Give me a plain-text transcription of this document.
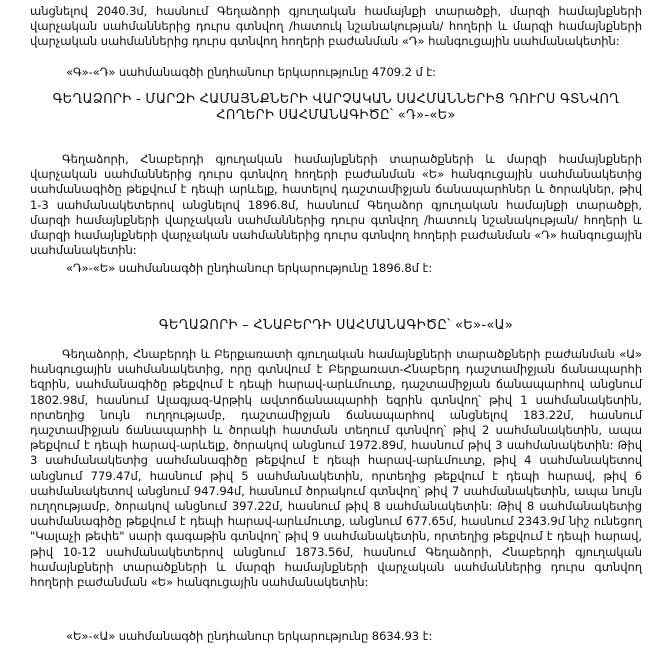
անցնելով 2040.3մ, հասնում Գեղաձորի գյուղական համայնքի տարածքի, մարզի համայնքների վարչական սահմաններից դուրս գտնվող /հատուկ նշանակության/ հողերի և մարզի համայնքների վարչական սահմաններից դուրս գտնվող հողերի բաժանման «Դ» հանգուցային սահմանակետին:

«Գ»-«Դ» սահմանագծի ընդհանուր երկարությունը 4709.2 մ է:
ԳԵՂԱՁՈՐԻ - ՄԱՐԶԻ ՀԱՄԱՅՆՔՆԵՐԻ ՎԱՐՉԱԿԱՆ ՍԱՀՄԱՆՆԵՐԻՑ ԴՈՒՐՍ ԳՏՆՎՈՂ ՀՈՂԵՐԻ ՍԱՀՄԱՆԱԳԻԾԸ՝ «Դ»-«Ե»

Գեղաձորի, Հնաբերդի գյուղական համայնքների տարածքների և մարզի համայնքների վարչական սահմաններից դուրս գտնվող հողերի բաժանման «Ե» հանգուցային սահմանակետից սահմանագիծը թեքվում է դեպի արևելք, հատելով դաշտամիջյան ճանապարհներ և ծորակներ, թիվ 1-3 սահմանակետերով անցնելով 1896.8մ, հասնում Գեղաձոր գյուղական համայնքի տարածքի, մարզի համայնքների վարչական սահմաններից դուրս գտնվող /հատուկ նշանակության/ հողերի և մարզի համայնքների վարչական սահմաններից դուրս գտնվող հողերի բաժանման «Դ» հանգուցային սահմանակետին:

«Դ»-«Ե» սահմանագծի ընդհանուր երկարությունը 1896.8մ է:
ԳԵՂԱՁՈՐԻ – ՀՆԱԲԵՐԴԻ ՍԱՀՄԱՆԱԳԻԾԸ՝ «Ե»-«Ա»

Գեղաձորի, Հնաբերդի և Բերքառատի գյուղական համայնքների տարածքների բաժանման «Ա» հանգուցային սահմանակետից, որը գտնվում է Բերքառատ-Հնաբերդ դաշտամիջյան ճանապարհի եզրին, սահմանագիծը թեքվում է դեպի հարավ-արևմուտք, դաշտամիջյան ճանապարհով անցնում 1802.98մ, հասնում Ալագյազ-Արթիկ ավտոճանապարհի եզրին գտնվող՝ թիվ 1 սահմանակետին, որտեղից նույն ուղղությամբ, դաշտամիջյան ճանապարհով անցնելով 183.22մ, հասնում դաշտամիջյան ճանապարհի և ծորակի հատման տեղում գտնվող՝ թիվ 2 սահմանակետին, ապա թեքվում է դեպի հարավ-արևելք, ծորակով անցնում 1972.89մ, հասնում թիվ 3 սահմանակետին: Թիվ 3 սահմանակետից սահմանագիծը թեքվում է դեպի հարավ-արևմուտք, թիվ 4 սահմանակետով անցնում 779.47մ, հասնում թիվ 5 սահմանակետին, որտեղից թեքվում է դեպի հարավ, թիվ 6 սահմանակետով անցնում 947.94մ, հասնում ծորակում գտնվող՝ թիվ 7 սահմանակետին, ապա նույն ուղղությամբ, ծորակով անցնում 397.22մ, հասնում թիվ 8 սահմանակետին: Թիվ 8 սահմանակետից սահմանագիծը թեքվում է դեպի հարավ-արևմուտք, անցնում 677.65մ, հասնում 2343.9մ նիշ ունեցող "Կալաչի թեփե" սարի գագաթին գտնվող՝ թիվ 9 սահմանակետին, որտեղից թեքվում է դեպի հարավ, թիվ 10-12 սահմանակետերով անցնում 1873.56մ, հասնում Գեղաձորի, Հնաբերդի գյուղական համայնքների տարածքների և մարզի համայնքների վարչական սահմաններից դուրս գտնվող հողերի բաժանման «Ե» հանգուցային սահմանակետին:

«Ե»-«Ա» սահմանագծի ընդհանուր երկարությունը 8634.93 է:
